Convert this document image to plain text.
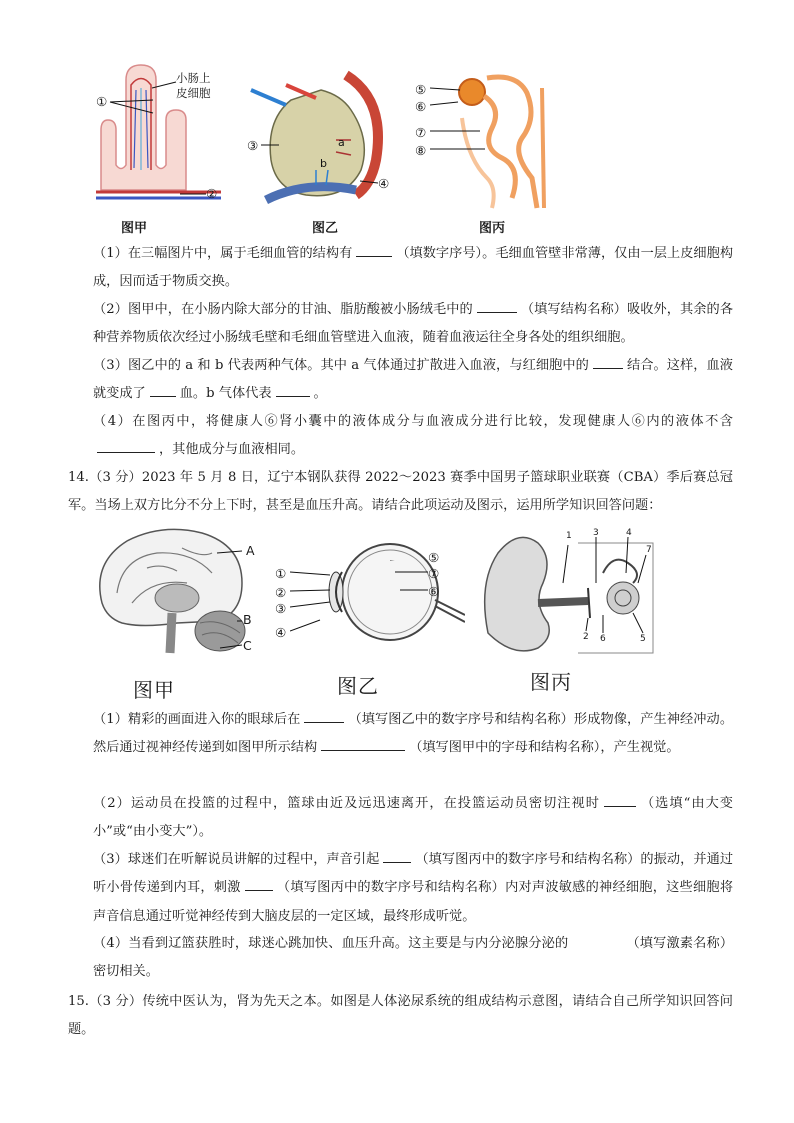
①
小肠上
皮细胞
②
图甲
a
b
③
④
图乙
⑤
⑥
⑦
⑧
图丙
（1）在三幅图片中，属于毛细血管的结构有	（填数字序号）。毛细血管壁非常薄，仅由一层上皮细胞构成，因而适于物质交换。
（2）图甲中，在小肠内除大部分的甘油、脂肪酸被小肠绒毛中的	（填写结构名称）吸收外，其余的各种营养物质依次经过小肠绒毛壁和毛细血管壁进入血液，随着血液运往全身各处的组织细胞。
（3）图乙中的 a 和 b 代表两种气体。其中 a 气体通过扩散进入血液，与红细胞中的	结合。这样，血液就变成了	血。b 气体代表	。
（4）在图丙中，将健康人⑥肾小囊中的液体成分与血液成分进行比较，发现健康人⑥内的液体不含，其他成分与血液相同。
14.（3 分）2023 年 5 月 8 日，辽宁本钢队获得 2022～2023 赛季中国男子篮球职业联赛（CBA）季后赛总冠军。当场上双方比分不分上下时，甚至是血压升高。请结合此项运动及图示，运用所学知识回答问题：
A
B
C
图甲
①
②
③
④
⑤
⑦
⑥
图乙
1 3	4
7
2 6	5
图丙
（1）精彩的画面进入你的眼球后在	（填写图乙中的数字序号和结构名称）形成物像，产生神经冲动。然后通过视神经传递到如图甲所示结构	（填写图甲中的字母和结构名称），产生视觉。
（2）运动员在投篮的过程中，篮球由近及远迅速离开，在投篮运动员密切注视时	（选填“由大变小”或“由小变大”）。
（3）球迷们在听解说员讲解的过程中，声音引起	（填写图丙中的数字序号和结构名称）的振动，并通过听小骨传递到内耳，刺激	（填写图丙中的数字序号和结构名称）内对声波敏感的神经细胞，这些细胞将声音信息通过听觉神经传到大脑皮层的一定区域，最终形成听觉。
（4）当看到辽篮获胜时，球迷心跳加快、血压升高。这主要是与内分泌腺分泌的	（填写激素名称）密切相关。
15.（3 分）传统中医认为，肾为先天之本。如图是人体泌尿系统的组成结构示意图，请结合自己所学知识回答问题。
